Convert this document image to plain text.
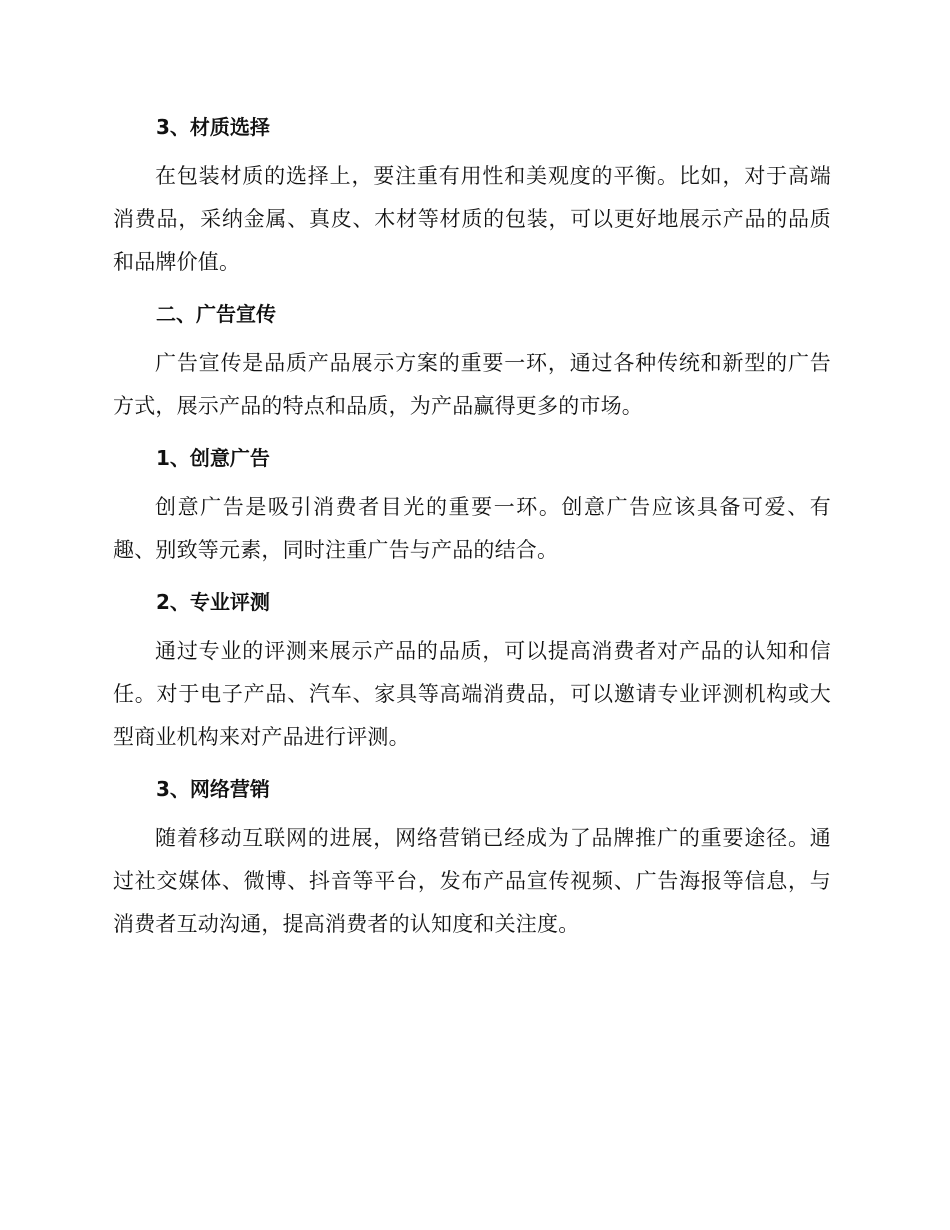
3、材质选择
在包装材质的选择上，要注重有用性和美观度的平衡。比如，对于高端消费品，采纳金属、真皮、木材等材质的包装，可以更好地展示产品的品质和品牌价值。
二、广告宣传
广告宣传是品质产品展示方案的重要一环，通过各种传统和新型的广告方式，展示产品的特点和品质，为产品赢得更多的市场。
1、创意广告
创意广告是吸引消费者目光的重要一环。创意广告应该具备可爱、有趣、别致等元素，同时注重广告与产品的结合。
2、专业评测
通过专业的评测来展示产品的品质，可以提高消费者对产品的认知和信任。对于电子产品、汽车、家具等高端消费品，可以邀请专业评测机构或大型商业机构来对产品进行评测。
3、网络营销
随着移动互联网的进展，网络营销已经成为了品牌推广的重要途径。通过社交媒体、微博、抖音等平台，发布产品宣传视频、广告海报等信息，与消费者互动沟通，提高消费者的认知度和关注度。
